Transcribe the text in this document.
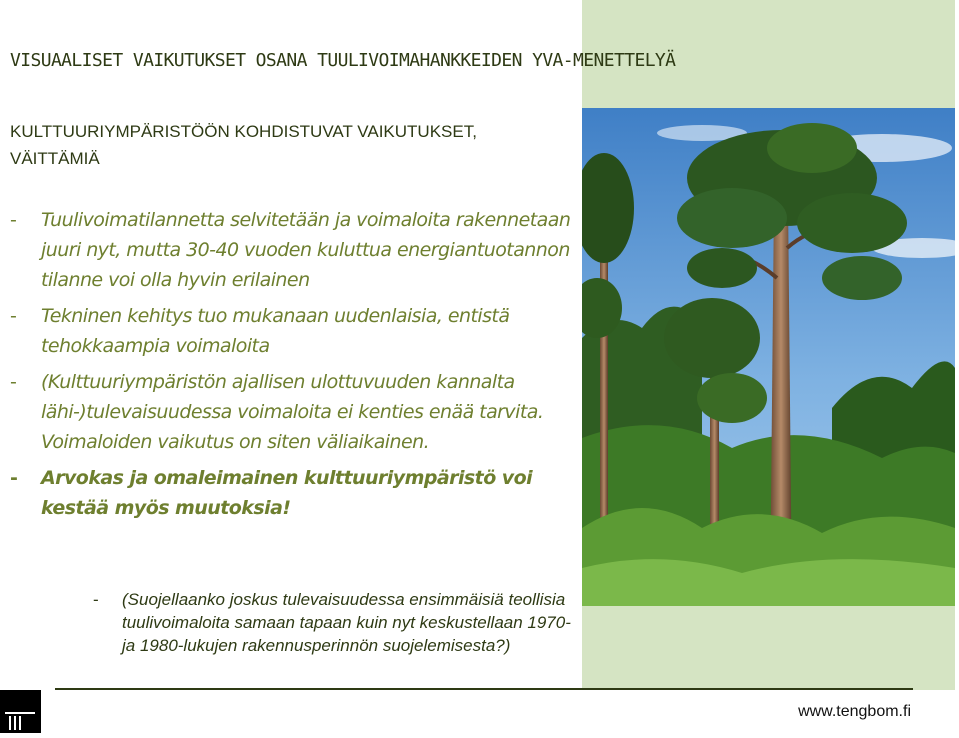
VISUAALISET VAIKUTUKSET OSANA TUULIVOIMAHANKKEIDEN YVA-MENETTELYÄ
KULTTUURIYMPÄRISTÖÖN KOHDISTUVAT VAIKUTUKSET,
VÄITTÄMIÄ
- Tuulivoimatilannetta selvitetään ja voimaloita rakennetaan juuri nyt, mutta 30-40 vuoden kuluttua energiantuotannon tilanne voi olla hyvin erilainen
- Tekninen kehitys tuo mukanaan uudenlaisia, entistä tehokkaampia voimaloita
- (Kulttuuriympäristön ajallisen ulottuvuuden kannalta lähi-)tulevaisuudessa voimaloita ei kenties enää tarvita. Voimaloiden vaikutus on siten väliaikainen.
- Arvokas ja omaleimainen kulttuuriympäristö voi kestää myös muutoksia!
-	(Suojellaanko joskus tulevaisuudessa ensimmäisiä teollisia tuulivoimaloita samaan tapaan kuin nyt keskustellaan 1970- ja 1980-lukujen rakennusperinnön suojelemisesta?)

www.tengbom.fi
